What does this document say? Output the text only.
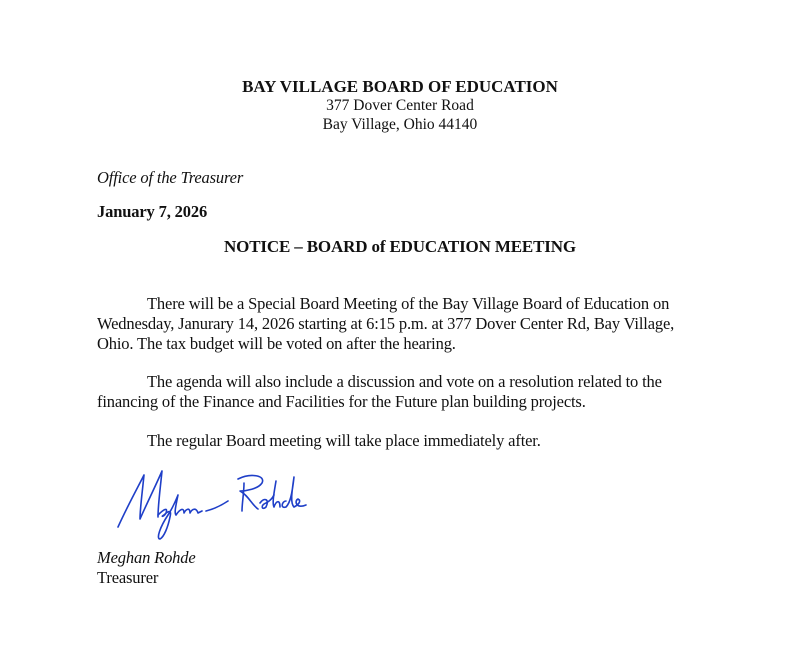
BAY VILLAGE BOARD OF EDUCATION
377 Dover Center Road
Bay Village, Ohio 44140
Office of the Treasurer
January 7, 2026
NOTICE – BOARD of EDUCATION MEETING
There will be a Special Board Meeting of the Bay Village Board of Education on
Wednesday, Janurary 14, 2026 starting at 6:15 p.m. at 377 Dover Center Rd, Bay Village,
Ohio. The tax budget will be voted on after the hearing.
The agenda will also include a discussion and vote on a resolution related to the
financing of the Finance and Facilities for the Future plan building projects.
The regular Board meeting will take place immediately after.
Meghan Rohde
Treasurer
